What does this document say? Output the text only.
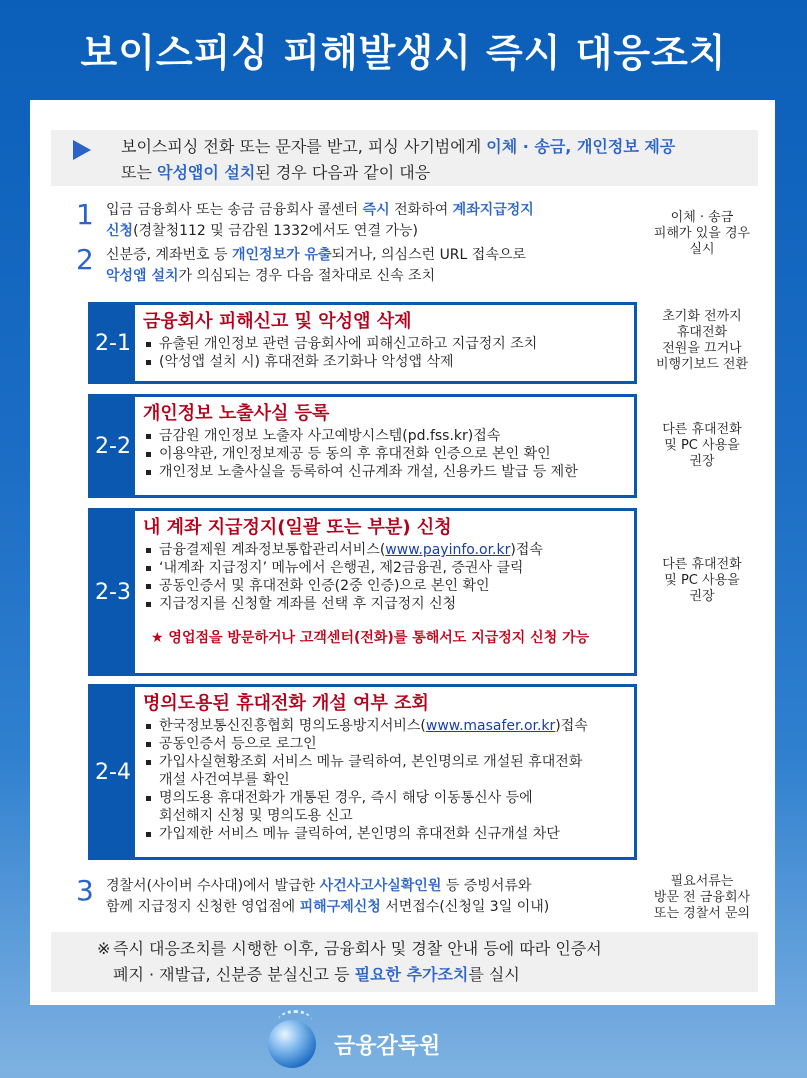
보이스피싱 피해발생시 즉시 대응조치
보이스피싱 전화 또는 문자를 받고, 피싱 사기범에게 이체 · 송금, 개인정보 제공
또는 악성앱이 설치된 경우 다음과 같이 대응
1 입금 금융회사 또는 송금 금융회사 콜센터 즉시 전화하여 계좌지급정지
신청(경찰청112 및 금감원 1332에서도 연결 가능)
2 신분증, 계좌번호 등 개인정보가 유출되거나, 의심스런 URL 접속으로
악성앱 설치가 의심되는 경우 다음 절차대로 신속 조치
이체 · 송금
피해가 있을 경우
실시
2-1
금융회사 피해신고 및 악성앱 삭제
유출된 개인정보 관련 금융회사에 피해신고하고 지급정지 조치
(악성앱 설치 시) 휴대전화 조기화나 악성앱 삭제
초기화 전까지
휴대전화
전원을 끄거나
비행기보드 전환
2-2
개인정보 노출사실 등록
금감원 개인정보 노출자 사고예방시스템(pd.fss.kr)접속
이용약관, 개인정보제공 등 동의 후 휴대전화 인증으로 본인 확인
개인정보 노출사실을 등록하여 신규계좌 개설, 신용카드 발급 등 제한
다른 휴대전화
및 PC 사용을
권장
2-3
내 계좌 지급정지(일괄 또는 부분) 신청
금융결제원 계좌정보통합관리서비스(www.payinfo.or.kr)접속
‘내계좌 지급정지’ 메뉴에서 은행권, 제2금융권, 증권사 클릭
공동인증서 및 휴대전화 인증(2중 인증)으로 본인 확인
지급정지를 신청할 계좌를 선택 후 지급정지 신청
★ 영업점을 방문하거나 고객센터(전화)를 통해서도 지급정지 신청 가능
다른 휴대전화
및 PC 사용을
권장
2-4
명의도용된 휴대전화 개설 여부 조회
한국정보통신진흥협회 명의도용방지서비스(www.masafer.or.kr)접속
공동인증서 등으로 로그인
가입사실현황조회 서비스 메뉴 클릭하여, 본인명의로 개설된 휴대전화
개설 사건여부를 확인
명의도용 휴대전화가 개통된 경우, 즉시 해당 이동통신사 등에
회선해지 신청 및 명의도용 신고
가입제한 서비스 메뉴 클릭하여, 본인명의 휴대전화 신규개설 차단
3 경찰서(사이버 수사대)에서 발급한 사건사고사실확인원 등 증빙서류와
함께 지급정지 신청한 영업점에 피해구제신청 서면접수(신청일 3일 이내)
필요서류는
방문 전 금융회사
또는 경찰서 문의
※ 즉시 대응조치를 시행한 이후, 금융회사 및 경찰 안내 등에 따라 인증서
폐지 · 재발급, 신분증 분실신고 등 필요한 추가조치를 실시
금융감독원
